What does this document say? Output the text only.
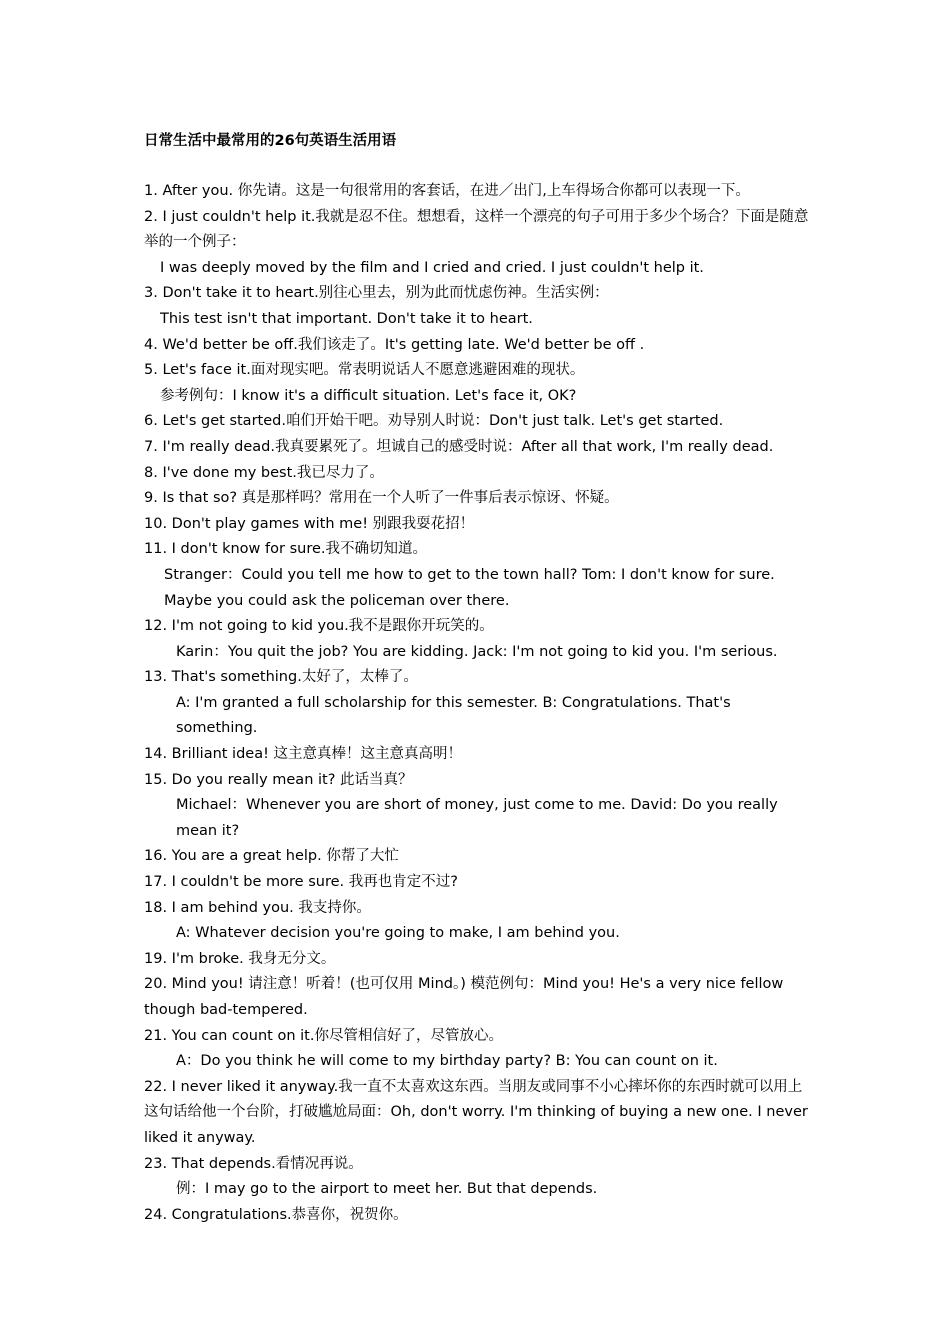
日常生活中最常用的26句英语生活用语
1. After you. 你先请。这是一句很常用的客套话，在进／出门,上车得场合你都可以表现一下。
2. I just couldn't help it.我就是忍不住。想想看，这样一个漂亮的句子可用于多少个场合？下面是随意举的一个例子：
I was deeply moved by the film and I cried and cried. I just couldn't help it.
3. Don't take it to heart.别往心里去，别为此而忧虑伤神。生活实例：
This test isn't that important. Don't take it to heart.
4. We'd better be off.我们该走了。It's getting late. We'd better be off .
5. Let's face it.面对现实吧。常表明说话人不愿意逃避困难的现状。
参考例句：I know it's a difficult situation. Let's face it, OK?
6. Let's get started.咱们开始干吧。劝导别人时说：Don't just talk. Let's get started.
7. I'm really dead.我真要累死了。坦诚自己的感受时说：After all that work, I'm really dead.
8. I've done my best.我已尽力了。
9. Is that so? 真是那样吗？常用在一个人听了一件事后表示惊讶、怀疑。
10. Don't play games with me! 别跟我耍花招！
11. I don't know for sure.我不确切知道。
Stranger：Could you tell me how to get to the town hall? Tom: I don't know for sure. Maybe you could ask the policeman over there.
12. I'm not going to kid you.我不是跟你开玩笑的。
Karin：You quit the job? You are kidding. Jack: I'm not going to kid you. I'm serious.
13. That's something.太好了，太棒了。
A: I'm granted a full scholarship for this semester. B: Congratulations. That's something.
14. Brilliant idea! 这主意真棒！这主意真高明！
15. Do you really mean it? 此话当真？
Michael：Whenever you are short of money, just come to me. David: Do you really mean it?
16. You are a great help. 你帮了大忙
17. I couldn't be more sure. 我再也肯定不过?
18. I am behind you. 我支持你。
A: Whatever decision you're going to make, I am behind you.
19. I'm broke. 我身无分文。
20. Mind you! 请注意！听着！(也可仅用 Mind。) 模范例句：Mind you! He's a very nice fellow though bad-tempered.
21. You can count on it.你尽管相信好了，尽管放心。
A：Do you think he will come to my birthday party? B: You can count on it.
22. I never liked it anyway.我一直不太喜欢这东西。当朋友或同事不小心摔坏你的东西时就可以用上这句话给他一个台阶，打破尴尬局面：Oh, don't worry. I'm thinking of buying a new one. I never liked it anyway.
23. That depends.看情况再说。
例：I may go to the airport to meet her. But that depends.
24. Congratulations.恭喜你，祝贺你。
